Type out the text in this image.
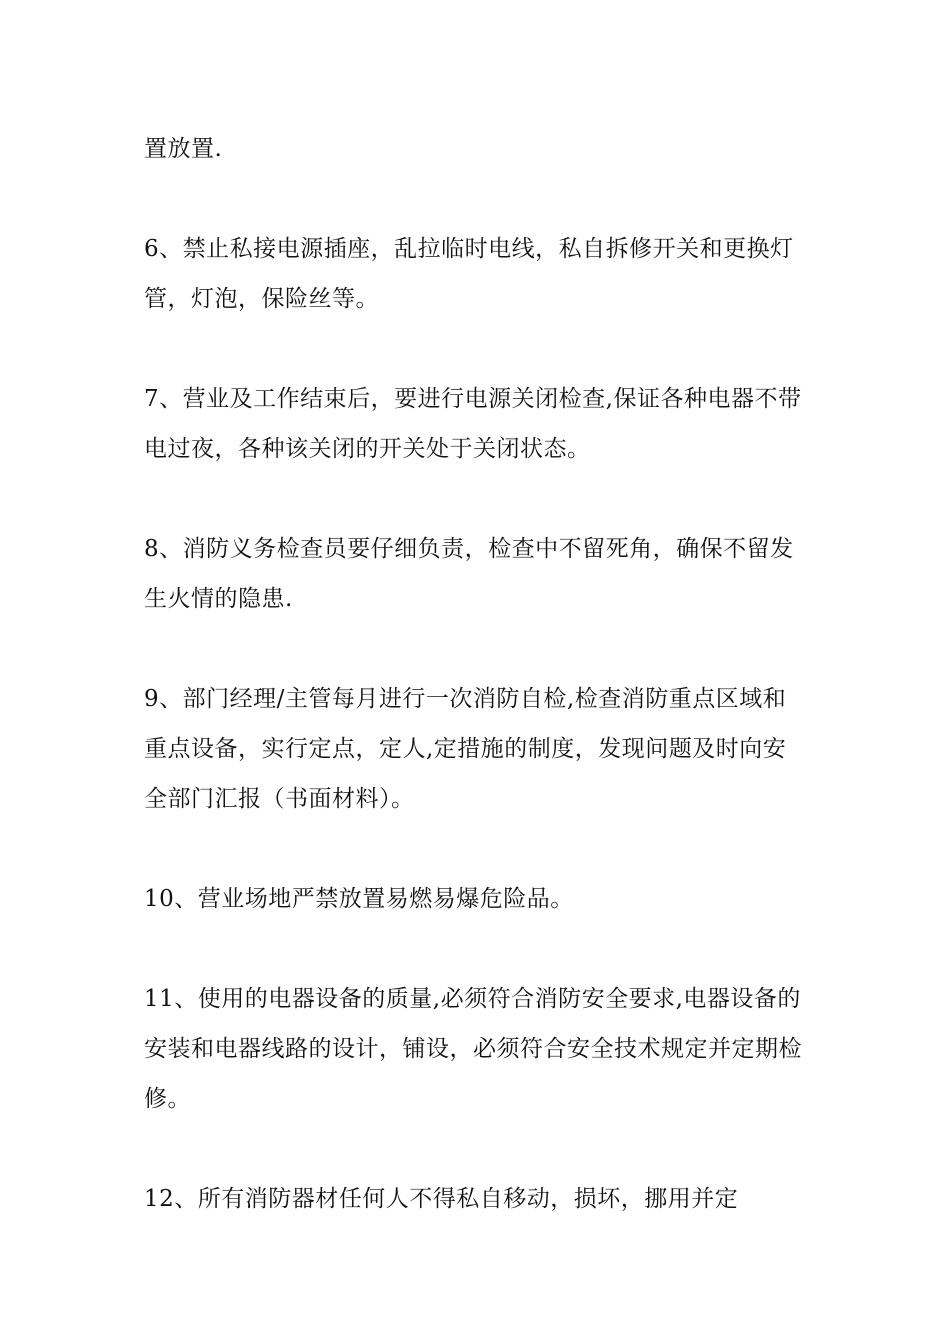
置放置.

6、禁止私接电源插座，乱拉临时电线，私自拆修开关和更换灯管，灯泡，保险丝等。

7、营业及工作结束后，要进行电源关闭检查,保证各种电器不带电过夜，各种该关闭的开关处于关闭状态。

8、消防义务检查员要仔细负责，检查中不留死角，确保不留发生火情的隐患.

9、部门经理/主管每月进行一次消防自检,检查消防重点区域和重点设备，实行定点，定人,定措施的制度，发现问题及时向安全部门汇报（书面材料）。

10、营业场地严禁放置易燃易爆危险品。

11、使用的电器设备的质量,必须符合消防安全要求,电器设备的安装和电器线路的设计，铺设，必须符合安全技术规定并定期检修。

12、所有消防器材任何人不得私自移动，损坏，挪用并定
